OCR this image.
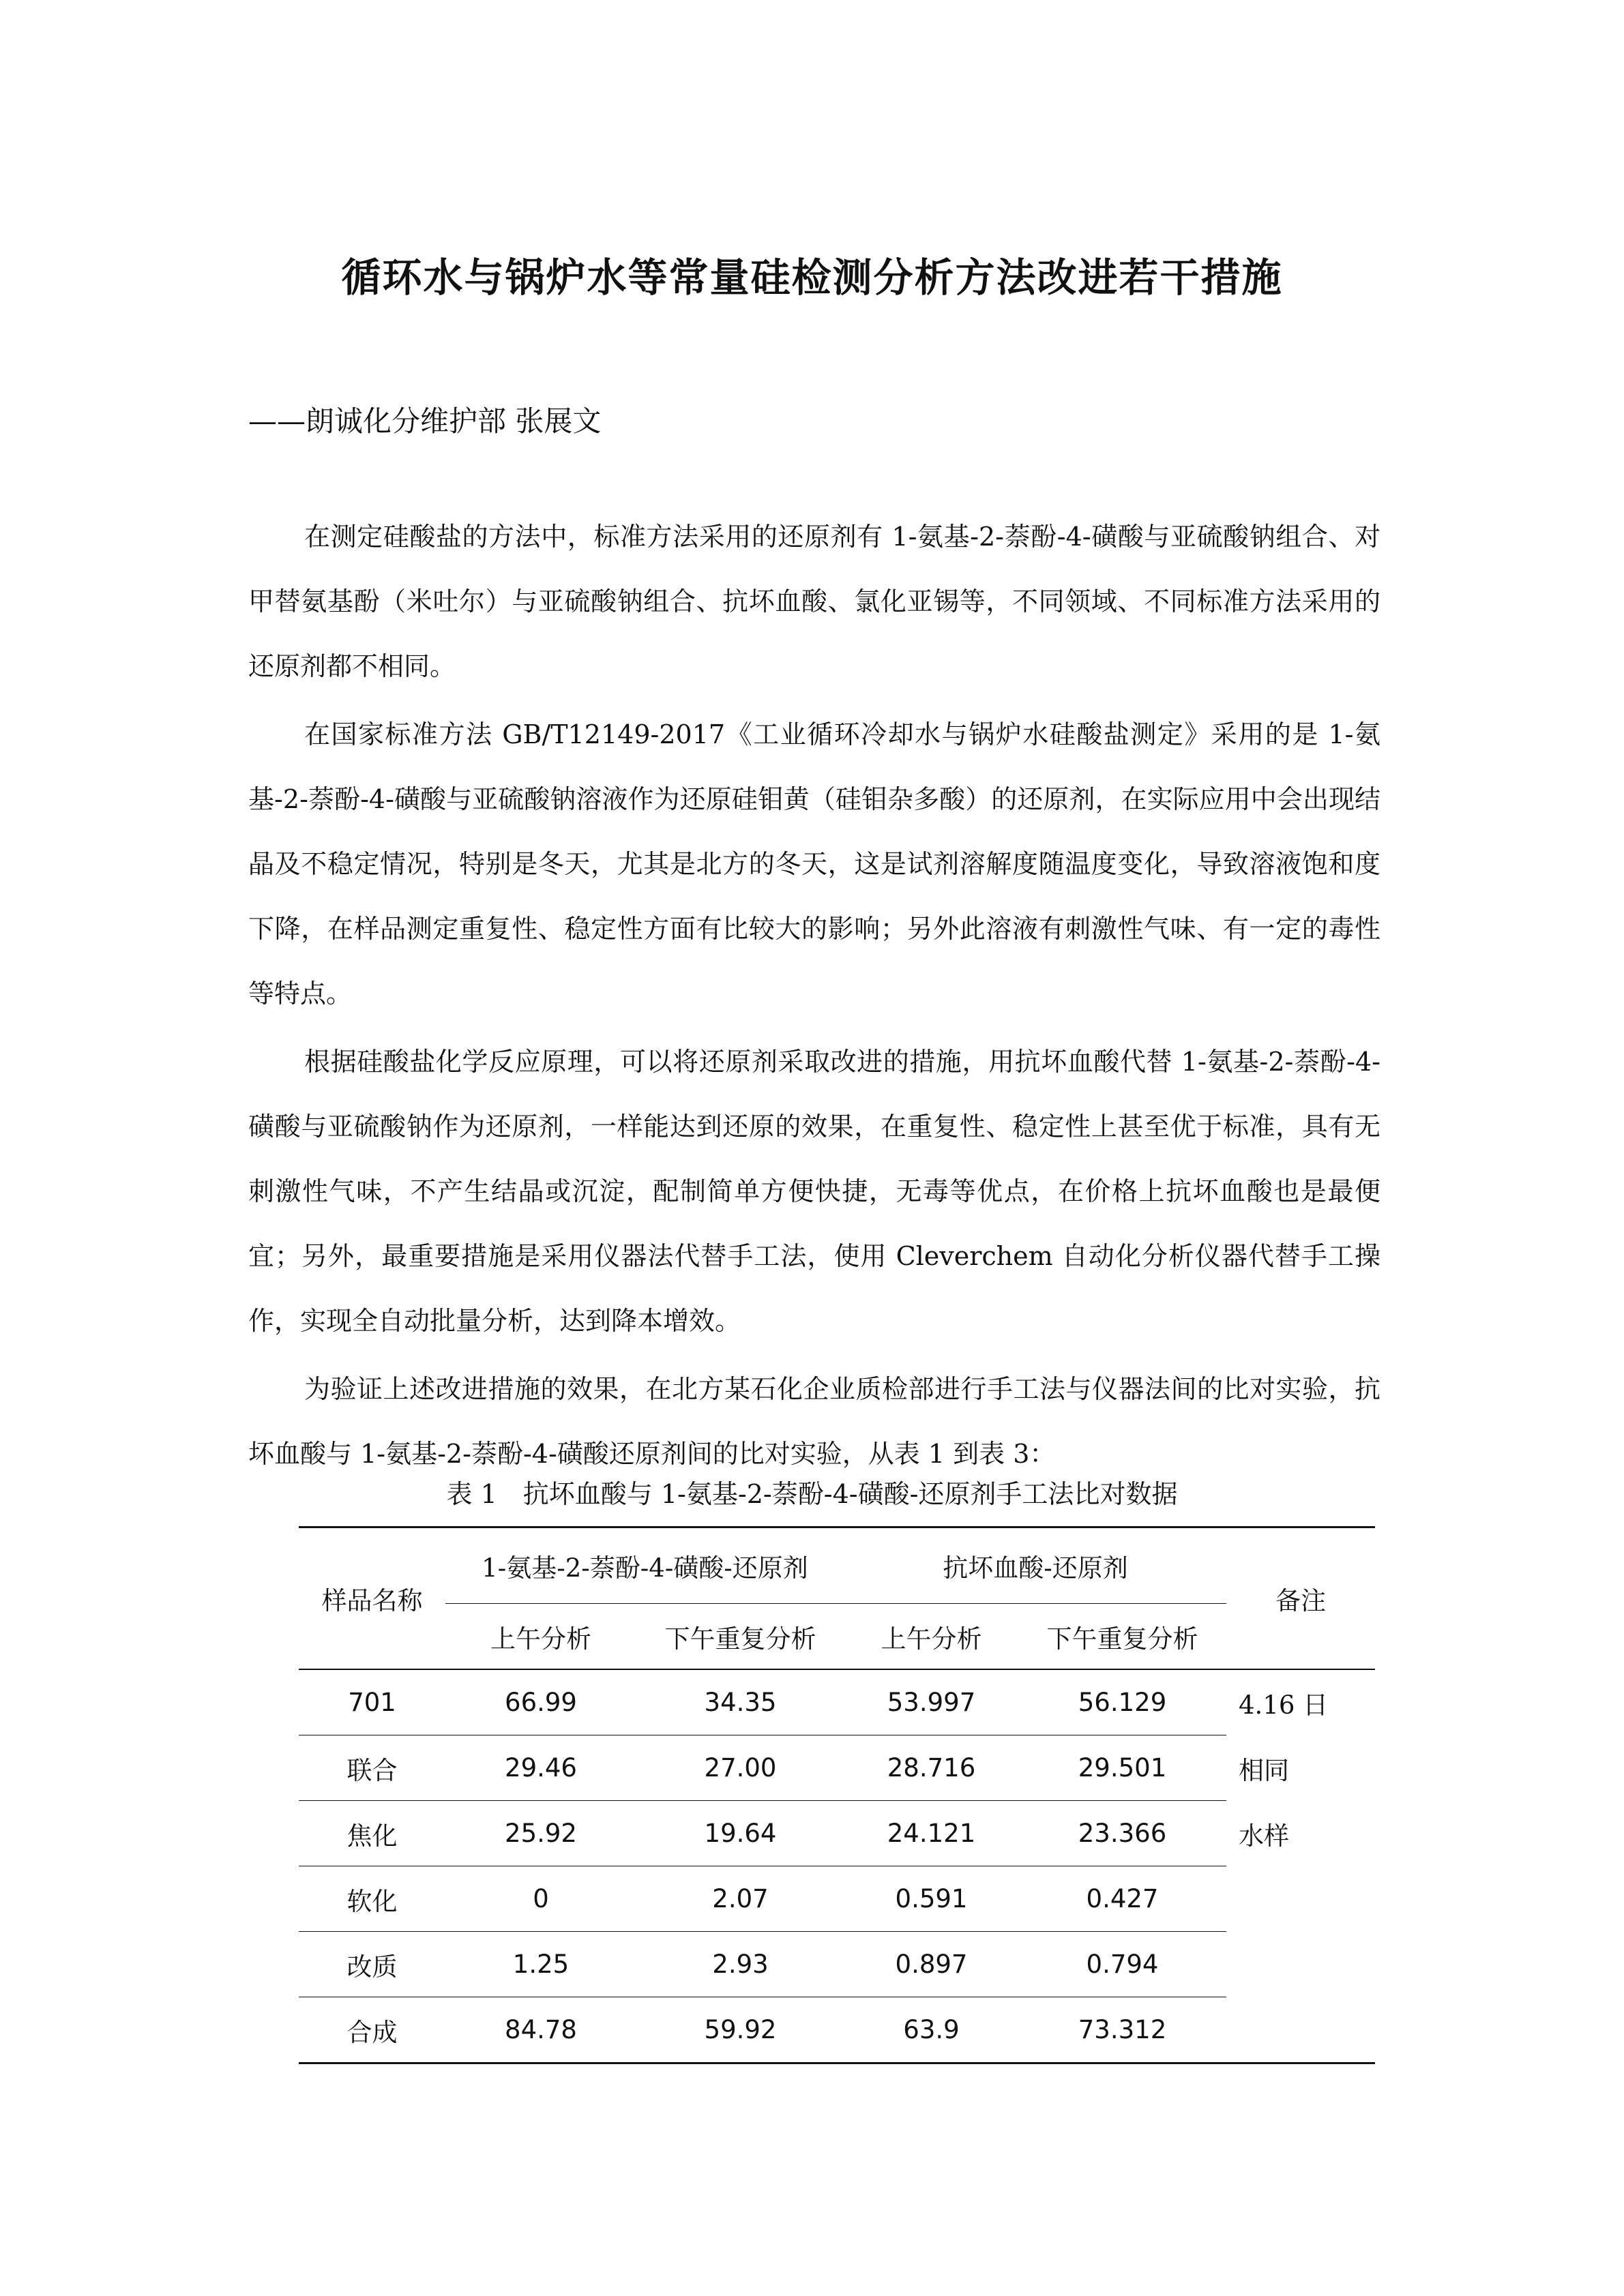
循环水与锅炉水等常量硅检测分析方法改进若干措施
——朗诚化分维护部 张展文

在测定硅酸盐的方法中，标准方法采用的还原剂有 1-氨基-2-萘酚-4-磺酸与亚硫酸钠组合、对甲替氨基酚（米吐尔）与亚硫酸钠组合、抗坏血酸、氯化亚锡等，不同领域、不同标准方法采用的还原剂都不相同。

在国家标准方法 GB/T12149-2017《工业循环冷却水与锅炉水硅酸盐测定》采用的是 1-氨基-2-萘酚-4-磺酸与亚硫酸钠溶液作为还原硅钼黄（硅钼杂多酸）的还原剂，在实际应用中会出现结晶及不稳定情况，特别是冬天，尤其是北方的冬天，这是试剂溶解度随温度变化，导致溶液饱和度下降，在样品测定重复性、稳定性方面有比较大的影响；另外此溶液有刺激性气味、有一定的毒性等特点。

根据硅酸盐化学反应原理，可以将还原剂采取改进的措施，用抗坏血酸代替 1-氨基-2-萘酚-4-磺酸与亚硫酸钠作为还原剂，一样能达到还原的效果，在重复性、稳定性上甚至优于标准，具有无刺激性气味，不产生结晶或沉淀，配制简单方便快捷，无毒等优点，在价格上抗坏血酸也是最便宜；另外，最重要措施是采用仪器法代替手工法，使用 Cleverchem 自动化分析仪器代替手工操作，实现全自动批量分析，达到降本增效。

为验证上述改进措施的效果，在北方某石化企业质检部进行手工法与仪器法间的比对实验，抗坏血酸与 1-氨基-2-萘酚-4-磺酸还原剂间的比对实验，从表 1 到表 3：

表 1　抗坏血酸与 1-氨基-2-萘酚-4-磺酸-还原剂手工法比对数据
样品名称	1-氨基-2-萘酚-4-磺酸-还原剂		抗坏血酸-还原剂		备注
	上午分析	下午重复分析	上午分析	下午重复分析	
701	66.99	34.35	53.997	56.129	4.16 日
联合	29.46	27.00	28.716	29.501	相同
焦化	25.92	19.64	24.121	23.366	水样
软化	0	2.07	0.591	0.427	
改质	1.25	2.93	0.897	0.794	
合成	84.78	59.92	63.9	73.312	
